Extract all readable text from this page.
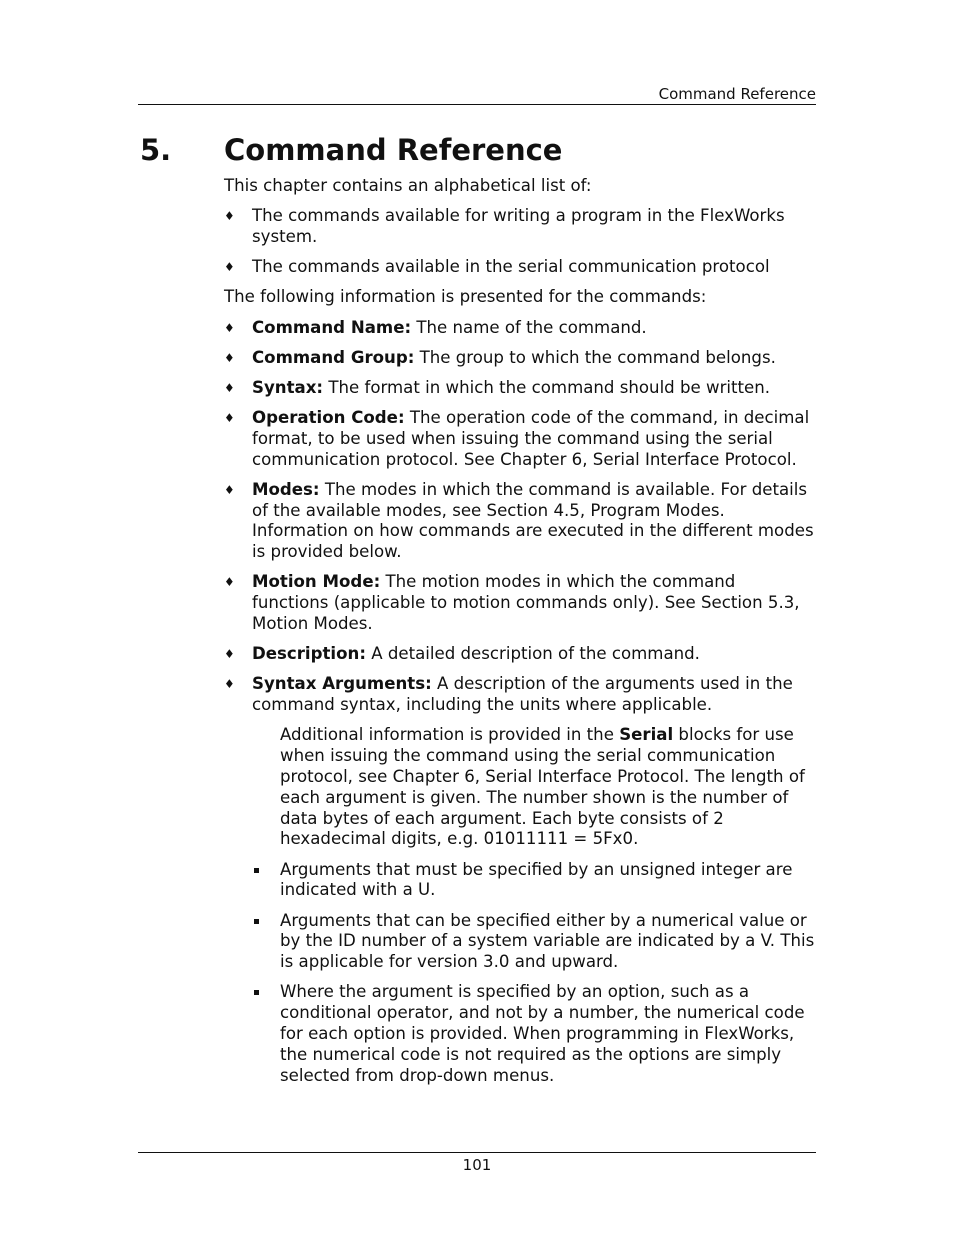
Command Reference
5. Command Reference

This chapter contains an alphabetical list of:

♦ The commands available for writing a program in the FlexWorks system.
♦ The commands available in the serial communication protocol

The following information is presented for the commands:

♦ Command Name: The name of the command.
♦ Command Group: The group to which the command belongs.
♦ Syntax: The format in which the command should be written.
♦ Operation Code: The operation code of the command, in decimal format, to be used when issuing the command using the serial communication protocol. See Chapter 6, Serial Interface Protocol.
♦ Modes: The modes in which the command is available. For details of the available modes, see Section 4.5, Program Modes. Information on how commands are executed in the different modes is provided below.
♦ Motion Mode: The motion modes in which the command functions (applicable to motion commands only). See Section 5.3, Motion Modes.
♦ Description: A detailed description of the command.
♦ Syntax Arguments: A description of the arguments used in the command syntax, including the units where applicable.

Additional information is provided in the Serial blocks for use when issuing the command using the serial communication protocol, see Chapter 6, Serial Interface Protocol. The length of each argument is given. The number shown is the number of data bytes of each argument. Each byte consists of 2 hexadecimal digits, e.g. 01011111 = 5Fx0.

Arguments that must be specified by an unsigned integer are indicated with a U.
Arguments that can be specified either by a numerical value or by the ID number of a system variable are indicated by a V. This is applicable for version 3.0 and upward.
Where the argument is specified by an option, such as a conditional operator, and not by a number, the numerical code for each option is provided. When programming in FlexWorks, the numerical code is not required as the options are simply selected from drop-down menus.
101
